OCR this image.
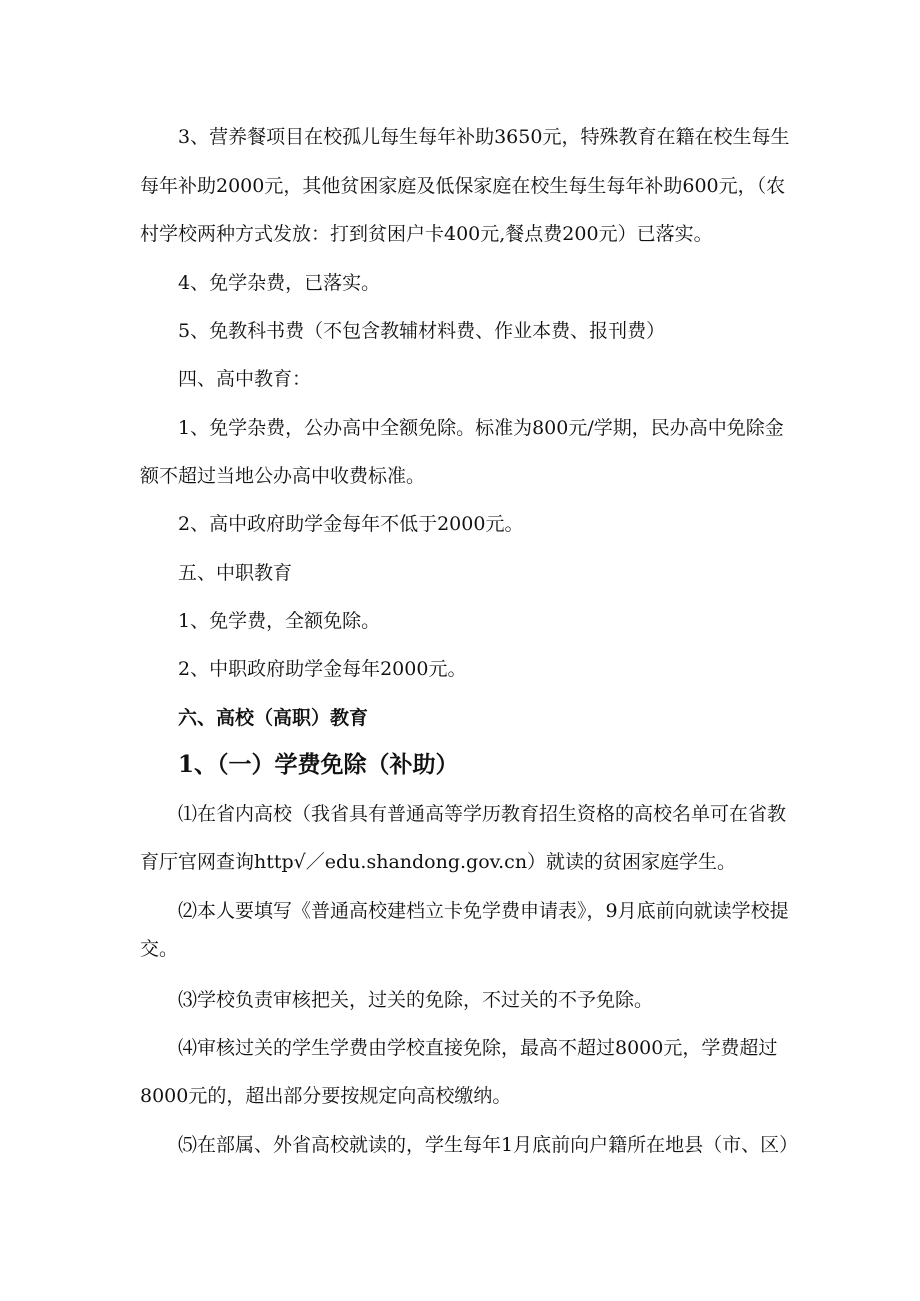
3、营养餐项目在校孤儿每生每年补助3650元，特殊教育在籍在校生每生
每年补助2000元，其他贫困家庭及低保家庭在校生每生每年补助600元，（农
村学校两种方式发放：打到贫困户卡400元,餐点费200元）已落实。
4、免学杂费，已落实。
5、免教科书费（不包含教辅材料费、作业本费、报刊费）
四、高中教育：
1、免学杂费，公办高中全额免除。标准为800元/学期，民办高中免除金
额不超过当地公办高中收费标准。
2、高中政府助学金每年不低于2000元。
五、中职教育
1、免学费，全额免除。
2、中职政府助学金每年2000元。
六、高校（高职）教育
1、（一）学费免除（补助）
⑴在省内高校（我省具有普通高等学历教育招生资格的高校名单可在省教
育厅官网查询http√／edu.shandong.gov.cn）就读的贫困家庭学生。
⑵本人要填写《普通高校建档立卡免学费申请表》，9月底前向就读学校提
交。
⑶学校负责审核把关，过关的免除，不过关的不予免除。
⑷审核过关的学生学费由学校直接免除，最高不超过8000元，学费超过
8000元的，超出部分要按规定向高校缴纳。
⑸在部属、外省高校就读的，学生每年1月底前向户籍所在地县（市、区）
